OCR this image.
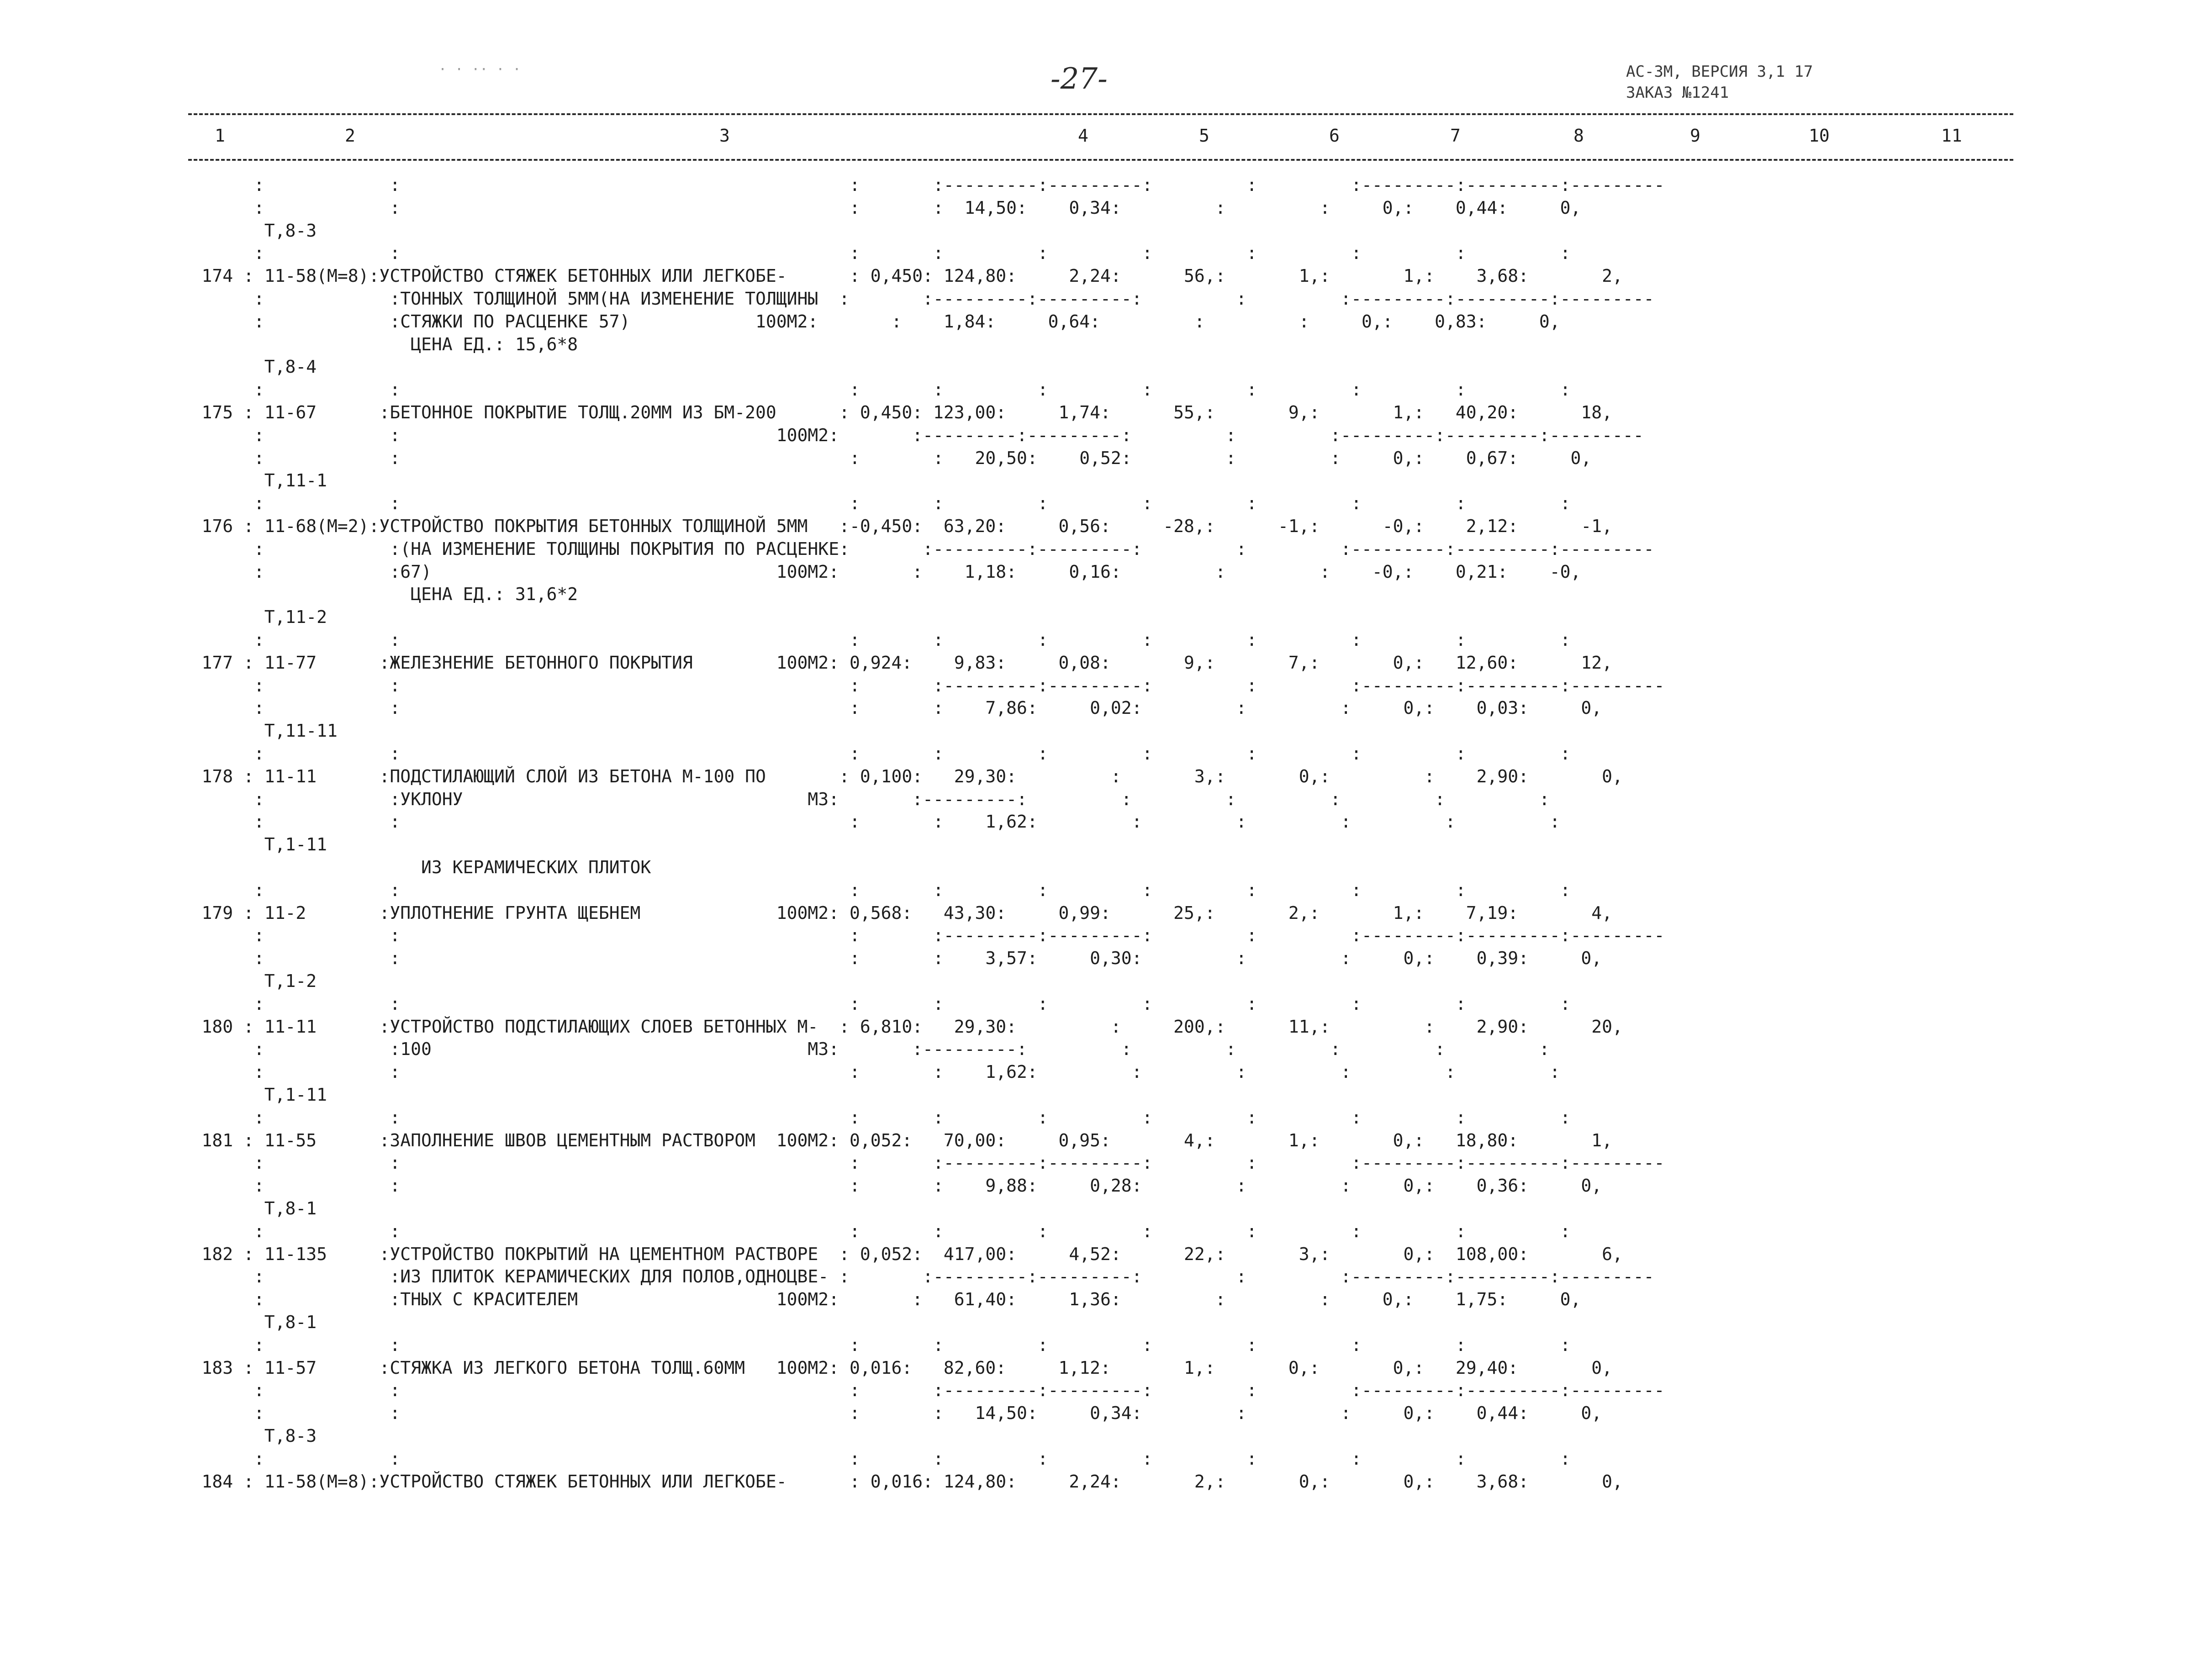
· · ·· · ·	-27-	АС-ЗМ, ВЕРСИЯ 3,1 17
ЗАКАЗ №1241
1	2	3	4	5	6	7	8	9	10	11
:            :                                           :       :---------:---------:         :         :---------:---------:---------
:            :                                           :       :  14,50:    0,34:         :         :     0,:    0,44:     0,
Т,8-3
:            :                                           :       :         :         :         :         :         :         :
174 : 11-58(М=8):УСТРОЙСТВО СТЯЖЕК БЕТОННЫХ ИЛИ ЛЕГКОБЕ-      : 0,450: 124,80:     2,24:      56,:       1,:       1,:    3,68:       2,
:            :ТОННЫХ ТОЛЩИНОЙ 5ММ(НА ИЗМЕНЕНИЕ ТОЛЩИНЫ  :       :---------:---------:         :         :---------:---------:---------
:            :СТЯЖКИ ПО РАСЦЕНКЕ 57)            100М2:       :    1,84:     0,64:         :         :     0,:    0,83:     0,
ЦЕНА ЕД.: 15,6*8
Т,8-4
:            :                                           :       :         :         :         :         :         :         :
175 : 11-67      :БЕТОННОЕ ПОКРЫТИЕ ТОЛЩ.20ММ ИЗ БМ-200      : 0,450: 123,00:     1,74:      55,:       9,:       1,:   40,20:      18,
:            :                                    100М2:       :---------:---------:         :         :---------:---------:---------
:            :                                           :       :   20,50:    0,52:         :         :     0,:    0,67:     0,
Т,11-1
:            :                                           :       :         :         :         :         :         :         :
176 : 11-68(М=2):УСТРОЙСТВО ПОКРЫТИЯ БЕТОННЫХ ТОЛЩИНОЙ 5ММ   :-0,450:  63,20:     0,56:     -28,:      -1,:      -0,:    2,12:      -1,
:            :(НА ИЗМЕНЕНИЕ ТОЛЩИНЫ ПОКРЫТИЯ ПО РАСЦЕНКЕ:       :---------:---------:         :         :---------:---------:---------
:            :67)                                 100М2:       :    1,18:     0,16:         :         :    -0,:    0,21:    -0,
ЦЕНА ЕД.: 31,6*2
Т,11-2
:            :                                           :       :         :         :         :         :         :         :
177 : 11-77      :ЖЕЛЕЗНЕНИЕ БЕТОННОГО ПОКРЫТИЯ        100М2: 0,924:    9,83:     0,08:       9,:       7,:       0,:   12,60:      12,
:            :                                           :       :---------:---------:         :         :---------:---------:---------
:            :                                           :       :    7,86:     0,02:         :         :     0,:    0,03:     0,
Т,11-11
:            :                                           :       :         :         :         :         :         :         :
178 : 11-11      :ПОДСТИЛАЮЩИЙ СЛОЙ ИЗ БЕТОНА М-100 ПО       : 0,100:   29,30:         :       3,:       0,:         :    2,90:       0,
:            :УКЛОНУ                                 М3:       :---------:         :         :         :         :         :
:            :                                           :       :    1,62:         :         :         :         :         :
Т,1-11
ИЗ КЕРАМИЧЕСКИХ ПЛИТОК
:            :                                           :       :         :         :         :         :         :         :
179 : 11-2       :УПЛОТНЕНИЕ ГРУНТА ЩЕБНЕМ             100М2: 0,568:   43,30:     0,99:      25,:       2,:       1,:    7,19:       4,
:            :                                           :       :---------:---------:         :         :---------:---------:---------
:            :                                           :       :    3,57:     0,30:         :         :     0,:    0,39:     0,
Т,1-2
:            :                                           :       :         :         :         :         :         :         :
180 : 11-11      :УСТРОЙСТВО ПОДСТИЛАЮЩИХ СЛОЕВ БЕТОННЫХ М-  : 6,810:   29,30:         :     200,:      11,:         :    2,90:      20,
:            :100                                    М3:       :---------:         :         :         :         :         :
:            :                                           :       :    1,62:         :         :         :         :         :
Т,1-11
:            :                                           :       :         :         :         :         :         :         :
181 : 11-55      :ЗАПОЛНЕНИЕ ШВОВ ЦЕМЕНТНЫМ РАСТВОРОМ  100М2: 0,052:   70,00:     0,95:       4,:       1,:       0,:   18,80:       1,
:            :                                           :       :---------:---------:         :         :---------:---------:---------
:            :                                           :       :    9,88:     0,28:         :         :     0,:    0,36:     0,
Т,8-1
:            :                                           :       :         :         :         :         :         :         :
182 : 11-135     :УСТРОЙСТВО ПОКРЫТИЙ НА ЦЕМЕНТНОМ РАСТВОРЕ  : 0,052:  417,00:     4,52:      22,:       3,:       0,:  108,00:       6,
:            :ИЗ ПЛИТОК КЕРАМИЧЕСКИХ ДЛЯ ПОЛОВ,ОДНОЦВЕ- :       :---------:---------:         :         :---------:---------:---------
:            :ТНЫХ С КРАСИТЕЛЕМ                   100М2:       :   61,40:     1,36:         :         :     0,:    1,75:     0,
Т,8-1
:            :                                           :       :         :         :         :         :         :         :
183 : 11-57      :СТЯЖКА ИЗ ЛЕГКОГО БЕТОНА ТОЛЩ.60ММ   100М2: 0,016:   82,60:     1,12:       1,:       0,:       0,:   29,40:       0,
:            :                                           :       :---------:---------:         :         :---------:---------:---------
:            :                                           :       :   14,50:     0,34:         :         :     0,:    0,44:     0,
Т,8-3
:            :                                           :       :         :         :         :         :         :         :
184 : 11-58(М=8):УСТРОЙСТВО СТЯЖЕК БЕТОННЫХ ИЛИ ЛЕГКОБЕ-      : 0,016: 124,80:     2,24:       2,:       0,:       0,:    3,68:       0,
